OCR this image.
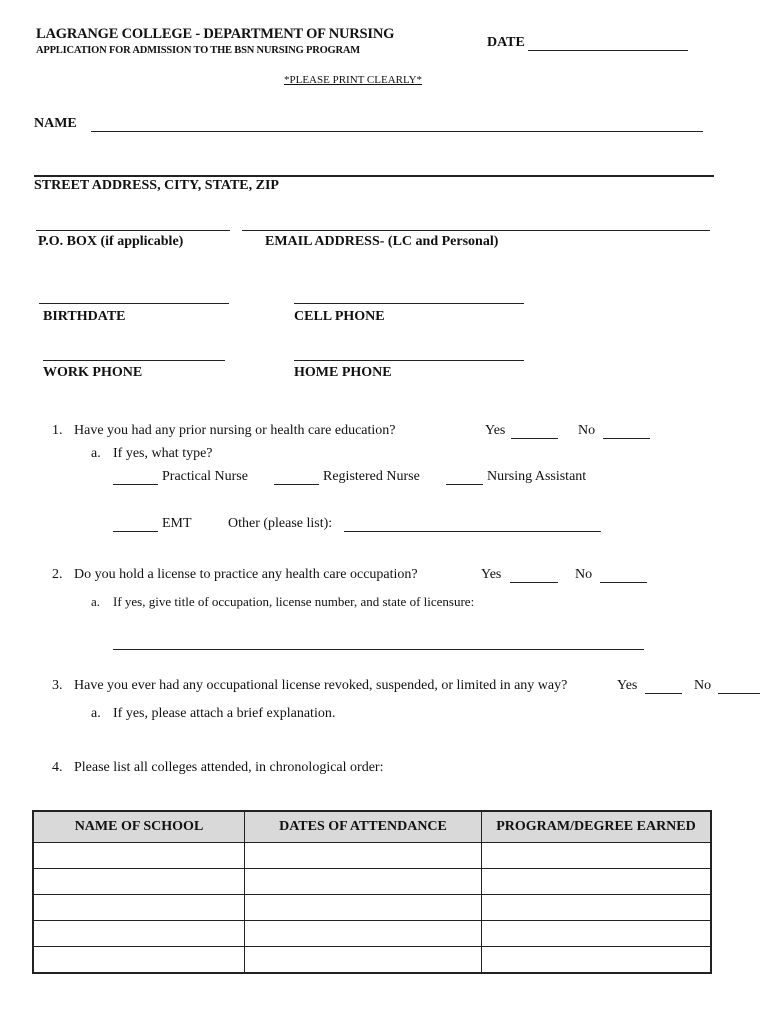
LAGRANGE COLLEGE - DEPARTMENT OF NURSING
APPLICATION FOR ADMISSION TO THE BSN NURSING PROGRAM
DATE
*PLEASE PRINT CLEARLY*
NAME
STREET ADDRESS, CITY, STATE, ZIP
P.O. BOX (if applicable)	EMAIL ADDRESS- (LC and Personal)
BIRTHDATE	CELL PHONE
WORK PHONE	HOME PHONE
1. Have you had any prior nursing or health care education?	Yes	No
a. If yes, what type?
Practical Nurse	Registered Nurse	Nursing Assistant
EMT	Other (please list):
2. Do you hold a license to practice any health care occupation?	Yes	No
a. If yes, give title of occupation, license number, and state of licensure:
3. Have you ever had any occupational license revoked, suspended, or limited in any way?	Yes	No
a. If yes, please attach a brief explanation.
4. Please list all colleges attended, in chronological order:
NAME OF SCHOOL	DATES OF ATTENDANCE	PROGRAM/DEGREE EARNED
